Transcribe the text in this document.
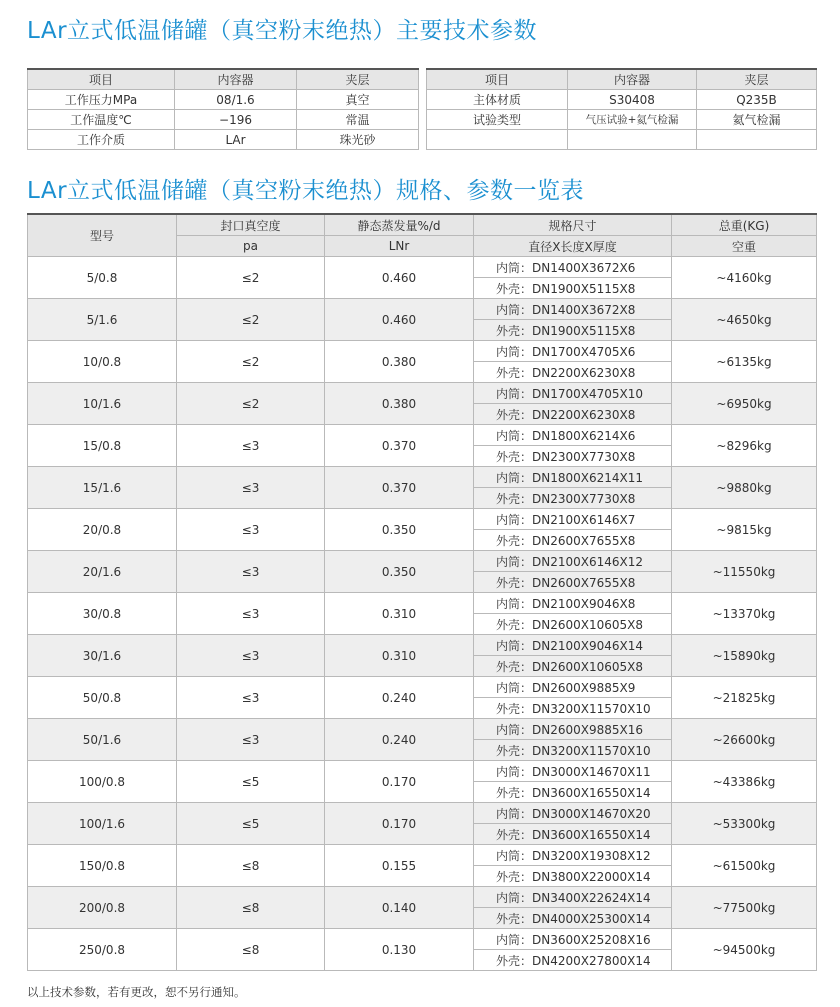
LAr立式低温储罐（真空粉末绝热）主要技术参数
项目	内容器	夹层
工作压力MPa	08/1.6	真空
工作温度℃	−196	常温
工作介质	LAr	珠光砂
项目	内容器	夹层
主体材质	S30408	Q235B
试验类型	气压试验+氦气检漏	氦气检漏

LAr立式低温储罐（真空粉末绝热）规格、参数一览表
型号	封口真空度	静态蒸发量%/d	规格尺寸	总重(KG)
	pa	LNr	直径X长度X厚度	空重
5/0.8	≤2	0.460	内筒：DN1400X3672X6	~4160kg
			外壳：DN1900X5115X8	
5/1.6	≤2	0.460	内筒：DN1400X3672X8	~4650kg
			外壳：DN1900X5115X8	
10/0.8	≤2	0.380	内筒：DN1700X4705X6	~6135kg
			外壳：DN2200X6230X8	
10/1.6	≤2	0.380	内筒：DN1700X4705X10	~6950kg
			外壳：DN2200X6230X8	
15/0.8	≤3	0.370	内筒：DN1800X6214X6	~8296kg
			外壳：DN2300X7730X8	
15/1.6	≤3	0.370	内筒：DN1800X6214X11	~9880kg
			外壳：DN2300X7730X8	
20/0.8	≤3	0.350	内筒：DN2100X6146X7	~9815kg
			外壳：DN2600X7655X8	
20/1.6	≤3	0.350	内筒：DN2100X6146X12	~11550kg
			外壳：DN2600X7655X8	
30/0.8	≤3	0.310	内筒：DN2100X9046X8	~13370kg
			外壳：DN2600X10605X8	
30/1.6	≤3	0.310	内筒：DN2100X9046X14	~15890kg
			外壳：DN2600X10605X8	
50/0.8	≤3	0.240	内筒：DN2600X9885X9	~21825kg
			外壳：DN3200X11570X10	
50/1.6	≤3	0.240	内筒：DN2600X9885X16	~26600kg
			外壳：DN3200X11570X10	
100/0.8	≤5	0.170	内筒：DN3000X14670X11	~43386kg
			外壳：DN3600X16550X14	
100/1.6	≤5	0.170	内筒：DN3000X14670X20	~53300kg
			外壳：DN3600X16550X14	
150/0.8	≤8	0.155	内筒：DN3200X19308X12	~61500kg
			外壳：DN3800X22000X14	
200/0.8	≤8	0.140	内筒：DN3400X22624X14	~77500kg
			外壳：DN4000X25300X14	
250/0.8	≤8	0.130	内筒：DN3600X25208X16	~94500kg
			外壳：DN4200X27800X14	

以上技术参数，若有更改，恕不另行通知。
